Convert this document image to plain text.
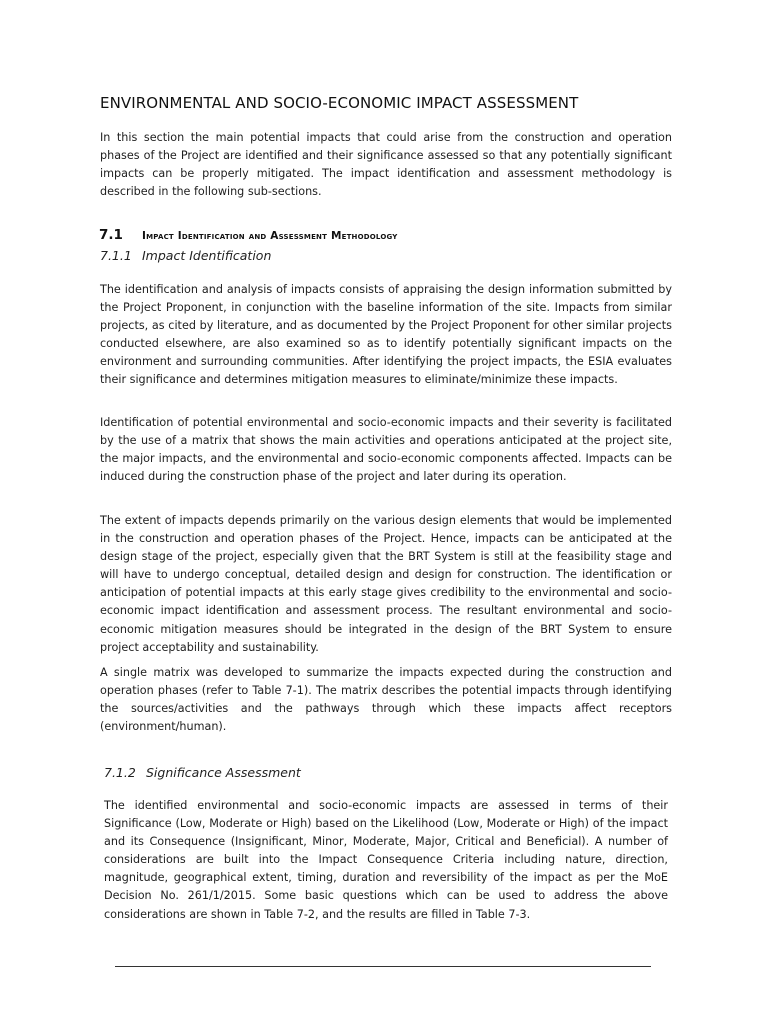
ENVIRONMENTAL AND SOCIO-ECONOMIC IMPACT ASSESSMENT

In this section the main potential impacts that could arise from the construction and operation phases of the Project are identified and their significance assessed so that any potentially significant impacts can be properly mitigated. The impact identification and assessment methodology is described in the following sub-sections.

7.1 Impact Identification and Assessment Methodology
7.1.1 Impact Identification

The identification and analysis of impacts consists of appraising the design information submitted by the Project Proponent, in conjunction with the baseline information of the site. Impacts from similar projects, as cited by literature, and as documented by the Project Proponent for other similar projects conducted elsewhere, are also examined so as to identify potentially significant impacts on the environment and surrounding communities. After identifying the project impacts, the ESIA evaluates their significance and determines mitigation measures to eliminate/minimize these impacts.

Identification of potential environmental and socio-economic impacts and their severity is facilitated by the use of a matrix that shows the main activities and operations anticipated at the project site, the major impacts, and the environmental and socio-economic components affected. Impacts can be induced during the construction phase of the project and later during its operation.

The extent of impacts depends primarily on the various design elements that would be implemented in the construction and operation phases of the Project. Hence, impacts can be anticipated at the design stage of the project, especially given that the BRT System is still at the feasibility stage and will have to undergo conceptual, detailed design and design for construction. The identification or anticipation of potential impacts at this early stage gives credibility to the environmental and socio-economic impact identification and assessment process. The resultant environmental and socio-economic mitigation measures should be integrated in the design of the BRT System to ensure project acceptability and sustainability.

A single matrix was developed to summarize the impacts expected during the construction and operation phases (refer to Table 7-1). The matrix describes the potential impacts through identifying the sources/activities and the pathways through which these impacts affect receptors (environment/human).

7.1.2 Significance Assessment

The identified environmental and socio-economic impacts are assessed in terms of their Significance (Low, Moderate or High) based on the Likelihood (Low, Moderate or High) of the impact and its Consequence (Insignificant, Minor, Moderate, Major, Critical and Beneficial). A number of considerations are built into the Impact Consequence Criteria including nature, direction, magnitude, geographical extent, timing, duration and reversibility of the impact as per the MoE Decision No. 261/1/2015. Some basic questions which can be used to address the above considerations are shown in Table 7-2, and the results are filled in Table 7-3.
